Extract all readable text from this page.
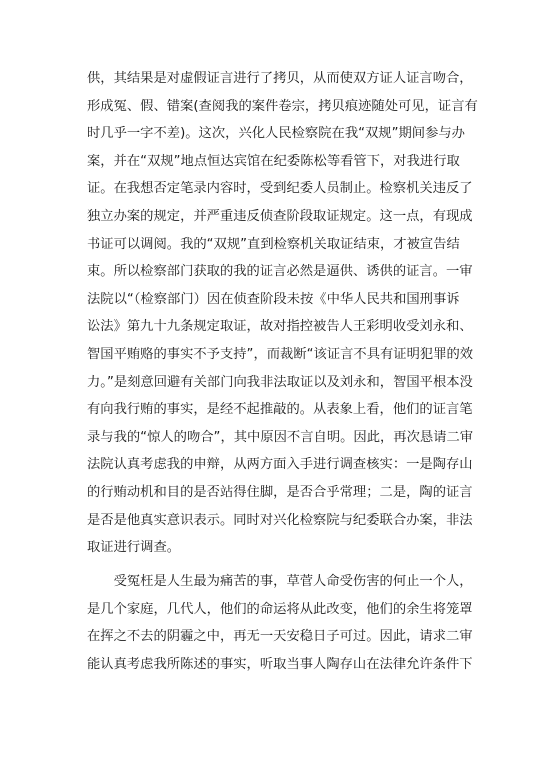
供，其结果是对虚假证言进行了拷贝，从而使双方证人证言吻合，
形成冤、假、错案(查阅我的案件卷宗，拷贝痕迹随处可见，证言有
时几乎一字不差)。这次，兴化人民检察院在我“双规”期间参与办
案，并在“双规”地点恒达宾馆在纪委陈松等看管下，对我进行取
证。在我想否定笔录内容时，受到纪委人员制止。检察机关违反了
独立办案的规定，并严重违反侦查阶段取证规定。这一点，有现成
书证可以调阅。我的“双规”直到检察机关取证结束，才被宣告结
束。所以检察部门获取的我的证言必然是逼供、诱供的证言。一审
法院以“（检察部门）因在侦查阶段未按《中华人民共和国刑事诉
讼法》第九十九条规定取证，故对指控被告人王彩明收受刘永和、
智国平贿赂的事实不予支持”，而裁断“该证言不具有证明犯罪的效
力。”是刻意回避有关部门向我非法取证以及刘永和，智国平根本没
有向我行贿的事实，是经不起推敲的。从表象上看，他们的证言笔
录与我的“惊人的吻合”，其中原因不言自明。因此，再次恳请二审
法院认真考虑我的申辩，从两方面入手进行调查核实：一是陶存山
的行贿动机和目的是否站得住脚，是否合乎常理；二是，陶的证言
是否是他真实意识表示。同时对兴化检察院与纪委联合办案，非法
取证进行调查。
　　受冤枉是人生最为痛苦的事，草菅人命受伤害的何止一个人，
是几个家庭，几代人，他们的命运将从此改变，他们的余生将笼罩
在挥之不去的阴霾之中，再无一天安稳日子可过。因此，请求二审
能认真考虑我所陈述的事实，听取当事人陶存山在法律允许条件下
